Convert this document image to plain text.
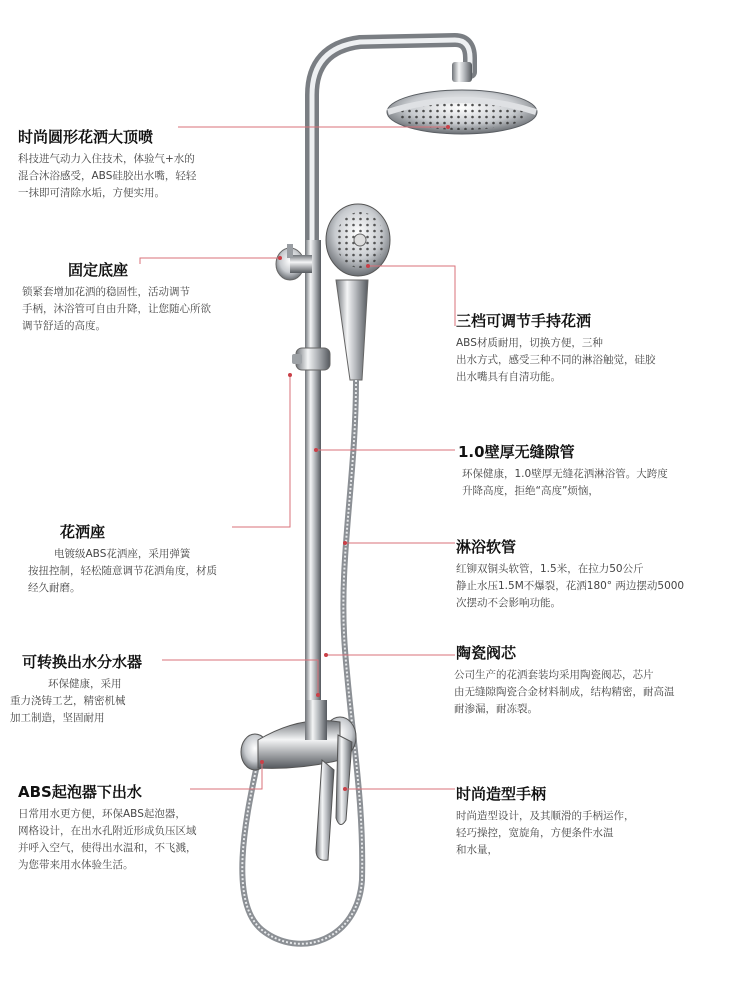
时尚圆形花洒大顶喷

科技进气动力入住技术，体验气+水的
混合沐浴感受，ABS硅胶出水嘴，轻轻
一抹即可清除水垢，方便实用。

固定底座

锁紧套增加花洒的稳固性，活动调节
手柄，沐浴管可自由升降，让您随心所欲
调节舒适的高度。	三档可调节手持花洒

ABS材质耐用，切换方便，三种
出水方式，感受三种不同的淋浴触觉，硅胶
出水嘴具有自清功能。

1.0壁厚无缝隙管

环保健康，1.0壁厚无缝花洒淋浴管。大跨度
升降高度，拒绝“高度”烦恼，

花洒座

电镀级ABS花洒座，采用弹簧
按扭控制，轻松随意调节花洒角度，材质
经久耐磨。

淋浴软管

红铆双铜头软管，1.5米，在拉力50公斤
静止水压1.5M不爆裂，花洒180° 两边摆动5000
次摆动不会影响功能。

可转换出水分水器

环保健康，采用
重力浇铸工艺，精密机械
加工制造，坚固耐用

陶瓷阀芯

公司生产的花洒套装均采用陶瓷阀芯，芯片
由无缝隙陶瓷合金材料制成，结构精密，耐高温
耐渗漏，耐冻裂。

ABS起泡器下出水

日常用水更方便，环保ABS起泡器，
网格设计，在出水孔附近形成负压区域
并呼入空气，使得出水温和，不飞溅，
为您带来用水体验生活。

时尚造型手柄

时尚造型设计，及其顺滑的手柄运作，
轻巧操控，宽旋角，方便条件水温
和水量，
